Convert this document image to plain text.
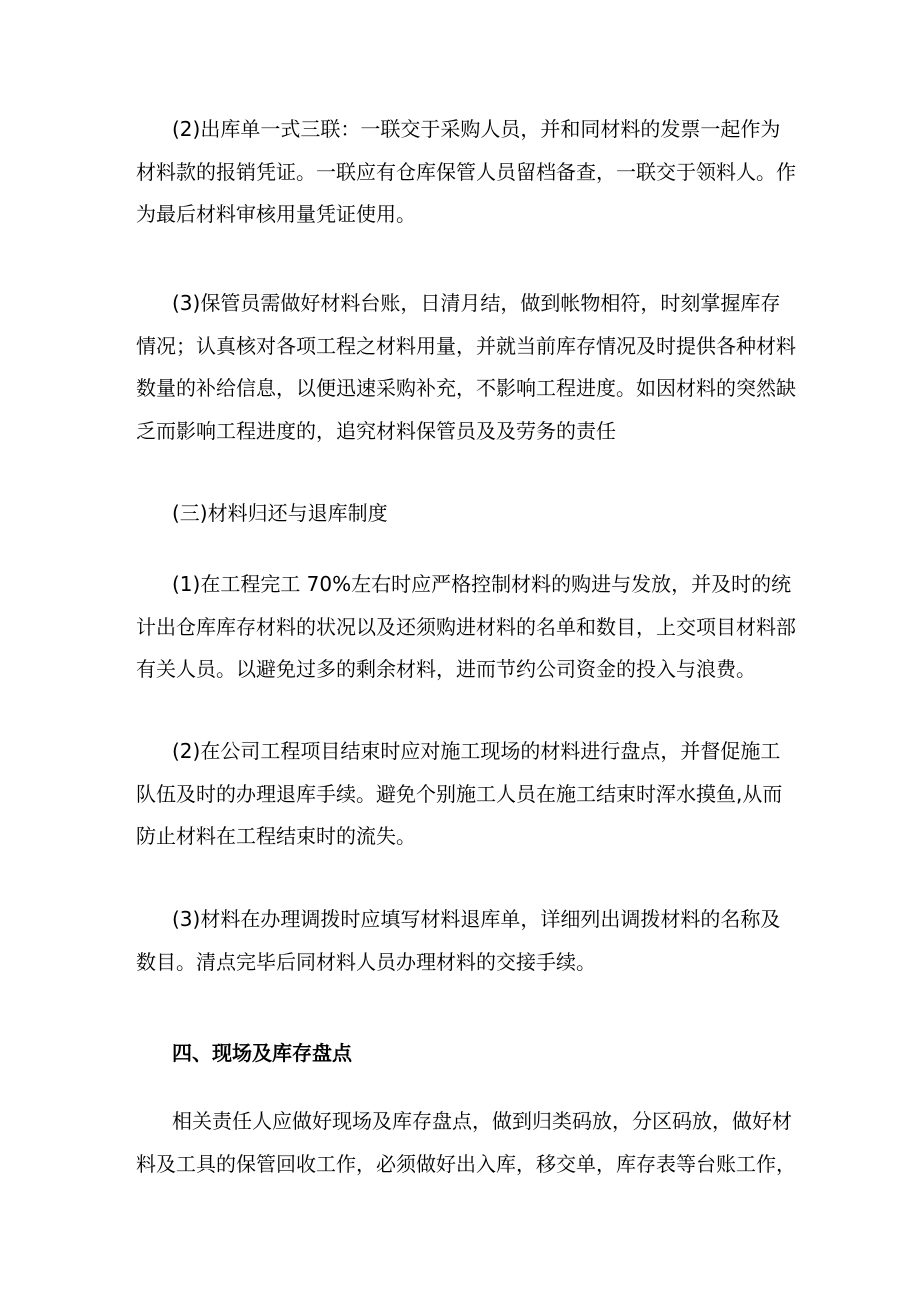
(2)出库单一式三联：一联交于采购人员，并和同材料的发票一起作为材料款的报销凭证。一联应有仓库保管人员留档备查，一联交于领料人。作为最后材料审核用量凭证使用。

(3)保管员需做好材料台账，日清月结，做到帐物相符，时刻掌握库存情况；认真核对各项工程之材料用量，并就当前库存情况及时提供各种材料数量的补给信息，以便迅速采购补充，不影响工程进度。如因材料的突然缺乏而影响工程进度的，追究材料保管员及及劳务的责任

(三)材料归还与退库制度

(1)在工程完工 70%左右时应严格控制材料的购进与发放，并及时的统计出仓库库存材料的状况以及还须购进材料的名单和数目，上交项目材料部有关人员。以避免过多的剩余材料，进而节约公司资金的投入与浪费。

(2)在公司工程项目结束时应对施工现场的材料进行盘点，并督促施工队伍及时的办理退库手续。避免个别施工人员在施工结束时浑水摸鱼,从而防止材料在工程结束时的流失。

(3)材料在办理调拨时应填写材料退库单，详细列出调拨材料的名称及数目。清点完毕后同材料人员办理材料的交接手续。

四、现场及库存盘点

相关责任人应做好现场及库存盘点，做到归类码放，分区码放，做好材料及工具的保管回收工作，必须做好出入库，移交单，库存表等台账工作，
